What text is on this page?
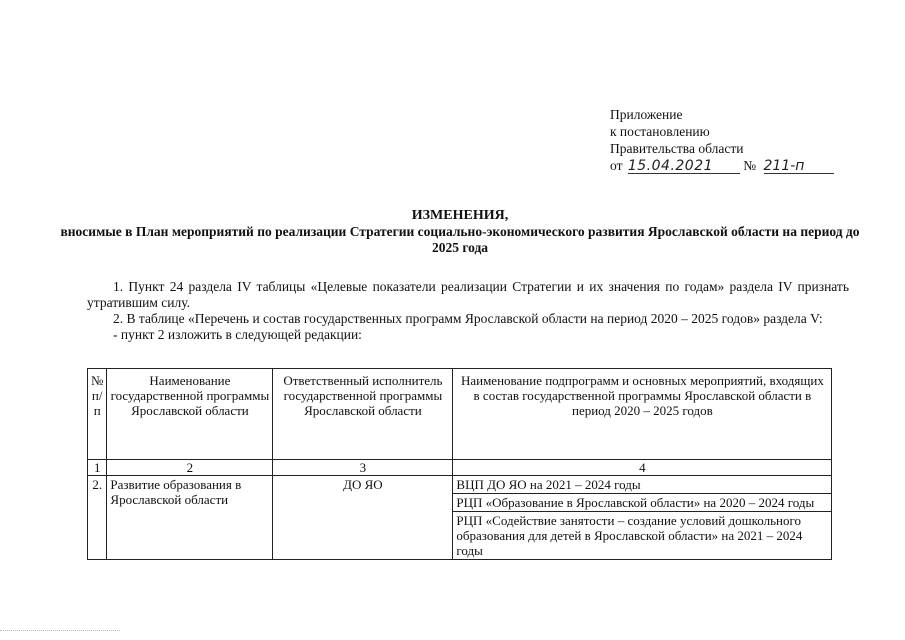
Приложение
к постановлению
Правительства области
от 15.04.2021 № 211-п
ИЗМЕНЕНИЯ,
вносимые в План мероприятий по реализации Стратегии социально-экономического развития Ярославской области на период до 2025 года

1. Пункт 24 раздела IV таблицы «Целевые показатели реализации Стратегии и их значения по годам» раздела IV признать утратившим силу.

2. В таблице «Перечень и состав государственных программ Ярославской области на период 2020 – 2025 годов» раздела V:

- пункт 2 изложить в следующей редакции:

№ п/п	Наименование государственной программы Ярославской области	Ответственный исполнитель государственной программы Ярославской области	Наименование подпрограмм и основных мероприятий, входящих в состав государственной программы Ярославской области в период 2020 – 2025 годов
1	2	3	4
2.	Развитие образования в Ярославской области	ДО ЯО	ВЦП ДО ЯО на 2021 – 2024 годы
			РЦП «Образование в Ярославской области» на 2020 – 2024 годы
			РЦП «Содействие занятости – создание условий дошкольного образования для детей в Ярославской области» на 2021 – 2024 годы
